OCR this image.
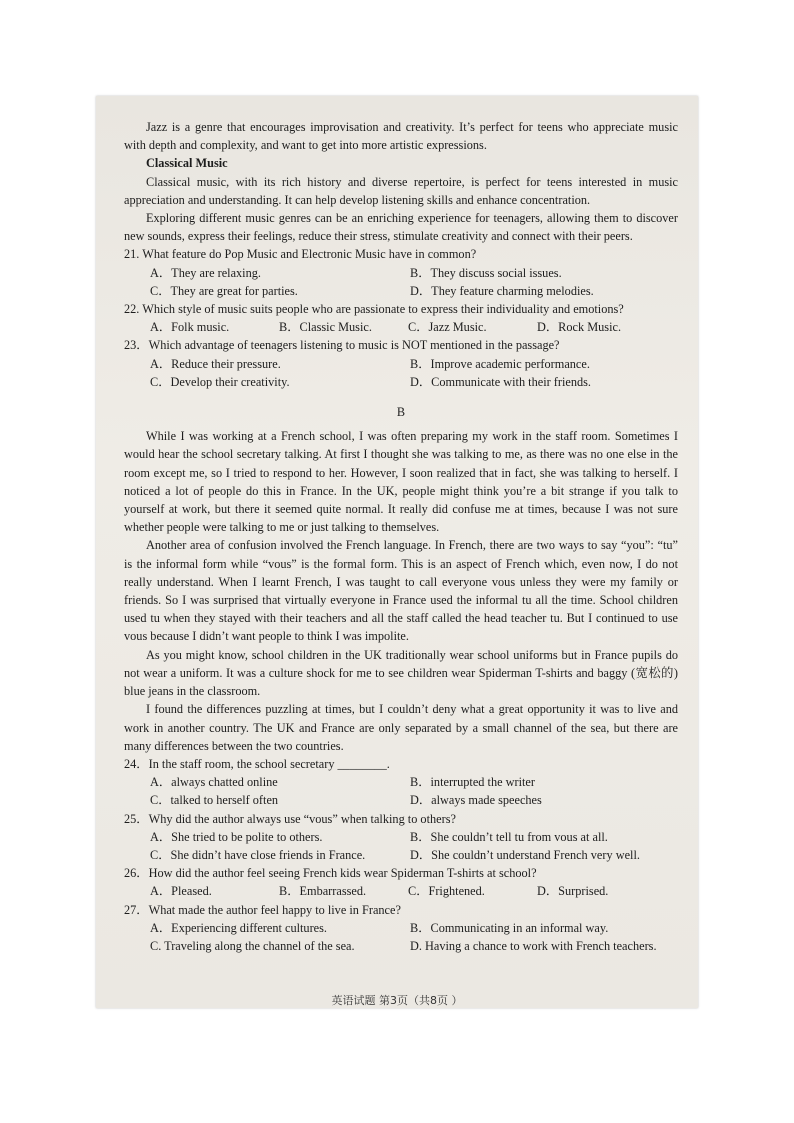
Jazz is a genre that encourages improvisation and creativity. It’s perfect for teens who appreciate music with depth and complexity, and want to get into more artistic expressions.

Classical Music

Classical music, with its rich history and diverse repertoire, is perfect for teens interested in music appreciation and understanding. It can help develop listening skills and enhance concentration.

Exploring different music genres can be an enriching experience for teenagers, allowing them to discover new sounds, express their feelings, reduce their stress, stimulate creativity and connect with their peers.

21. What feature do Pop Music and Electronic Music have in common?

A．They are relaxing.	B．They discuss social issues.
C．They are great for parties.	D．They feature charming melodies.

22. Which style of music suits people who are passionate to express their individuality and emotions?

A．Folk music.	B．Classic Music.	C．Jazz Music.	D．Rock Music.

23．Which advantage of teenagers listening to music is NOT mentioned in the passage?

A．Reduce their pressure.	B．Improve academic performance.
C．Develop their creativity.	D．Communicate with their friends.

B

While I was working at a French school, I was often preparing my work in the staff room. Sometimes I would hear the school secretary talking. At first I thought she was talking to me, as there was no one else in the room except me, so I tried to respond to her. However, I soon realized that in fact, she was talking to herself. I noticed a lot of people do this in France. In the UK, people might think you’re a bit strange if you talk to yourself at work, but there it seemed quite normal. It really did confuse me at times, because I was not sure whether people were talking to me or just talking to themselves.

Another area of confusion involved the French language. In French, there are two ways to say “you”: “tu” is the informal form while “vous” is the formal form. This is an aspect of French which, even now, I do not really understand. When I learnt French, I was taught to call everyone vous unless they were my family or friends. So I was surprised that virtually everyone in France used the informal tu all the time. School children used tu when they stayed with their teachers and all the staff called the head teacher tu. But I continued to use vous because I didn’t want people to think I was impolite.

As you might know, school children in the UK traditionally wear school uniforms but in France pupils do not wear a uniform. It was a culture shock for me to see children wear Spiderman T-shirts and baggy (宽松的) blue jeans in the classroom.

I found the differences puzzling at times, but I couldn’t deny what a great opportunity it was to live and work in another country. The UK and France are only separated by a small channel of the sea, but there are many differences between the two countries.

24．In the staff room, the school secretary ________.

A．always chatted online	B．interrupted the writer
C．talked to herself often	D．always made speeches

25．Why did the author always use “vous” when talking to others?

A．She tried to be polite to others.	B．She couldn’t tell tu from vous at all.
C．She didn’t have close friends in France.	D．She couldn’t understand French very well.

26．How did the author feel seeing French kids wear Spiderman T-shirts at school?

A．Pleased.	B．Embarrassed.	C．Frightened.	D．Surprised.

27．What made the author feel happy to live in France?

A．Experiencing different cultures.	B．Communicating in an informal way.
C. Traveling along the channel of the sea.	D. Having a chance to work with French teachers.
英语试题 第3页（共8页 ）
